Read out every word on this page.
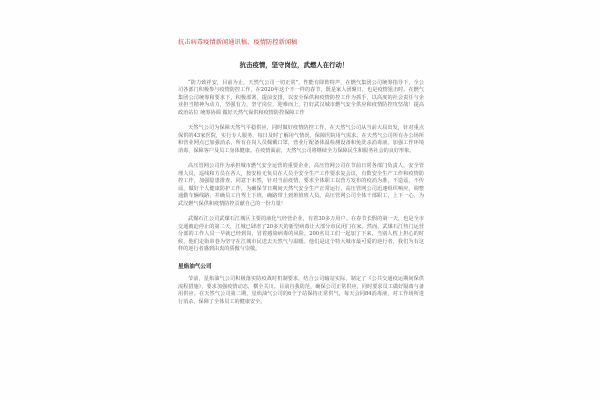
抗击病毒疫情新闻通讯稿，疫情防控新闻稿
抗击疫情，坚守岗位，武燃人在行动！

“防力致祥安，目前为止，天然气公司一切正常”，性能有降阵特声，在燃气集团公司统筹指导下，全公司各部门积极参与疫情防控工作，在2020年这个不一样的春节，既是家人团聚日，也是疫情狙击时。在燃气集团公司统筹和要求下，积极部署，提前安排，以安全保供和疫情防控工作为抓手，以高度的社会责任与企业担当精神为动力，坚强有力，坚守岗位，迎难而上，打好武汉城市燃气安全供应和疫情防控攻坚战！提高政治站位 统筹协调 做好天然气保供和疫情防控保障工作

天然气公司为保障天然气平稳供应，同时做好疫情防控工作，在天然气公司从当前大局出发，针对重点保供的43家医院，实行专人服务，每日及时了解用气情况，保障医院用气需求。在天然气公司所有办公场所和营业网点已加强消杀，所有在岗人员佩戴口罩，营业厅配备体温检测设备和免洗杀消毒液。加强工作环境消毒，保障客户及员工身体健康。在疫情面前，天然气公司将继续全力保障民生和服务社会的良好形象。

高压管网公司作为承担城市燃气安全运营的重要企业，高压管网公司在节前日常各部门负责人，安全管理人员，巡线和方员在各人，按安检无负员在人员全安全生产工作要求复会议，有数安全生产工作和疫情防控工作，加强隐患排查。同意于未然，针对当前疫情，要求全体职工以营方发布的疫消为准，不造谣，不传谣，做好个人健康防护工作，为确保节日期间天然气安全生产正常运行，高压管网公司迅速组织响应，调整通勤车辆线路，并确员工自驾上下班，确路带上到班值班人员。高压管网公司全体干部职工，上下一心，为武汉燃气保供和疫情防控贡献自己的一份力量！

武煤石江公司武煤石江城区主要的液化气经营企业，有着30多万用户。在春节长假的第一天，也是全市交通被迫停止的第二天，江城已肆虐了20多天的新型病毒让大部分市民闭门在家。然而，武煤石江热门运营分部的工作人员一早就已经到岗，冒着感染病毒的风险，200名员工们一起加了下来，当别人枕上担心的时候，他们走街串巷为坚守在江城市民送去天然气与温暖。他们是这个特大城市最可爱的逆行者，我们为有这样的逆行者感到由衷的骄傲与崇敬。

星焰油气公司

节前，星焰油气公司积极落实防疫战时机制要求，结合公司输站实际，制定了《公共交通疫运期间保供流程措施》，要求加强疫情动态，横全关川。目前自我防范，确保公司正常供应，同时要求员工做好隔离与备用供应。在天然气公司第二期，星焰油气公司的6个子站保持正常供气，每天会同84消毒液，对工作场所进行消杀，保障了全体员工的健康安全。
